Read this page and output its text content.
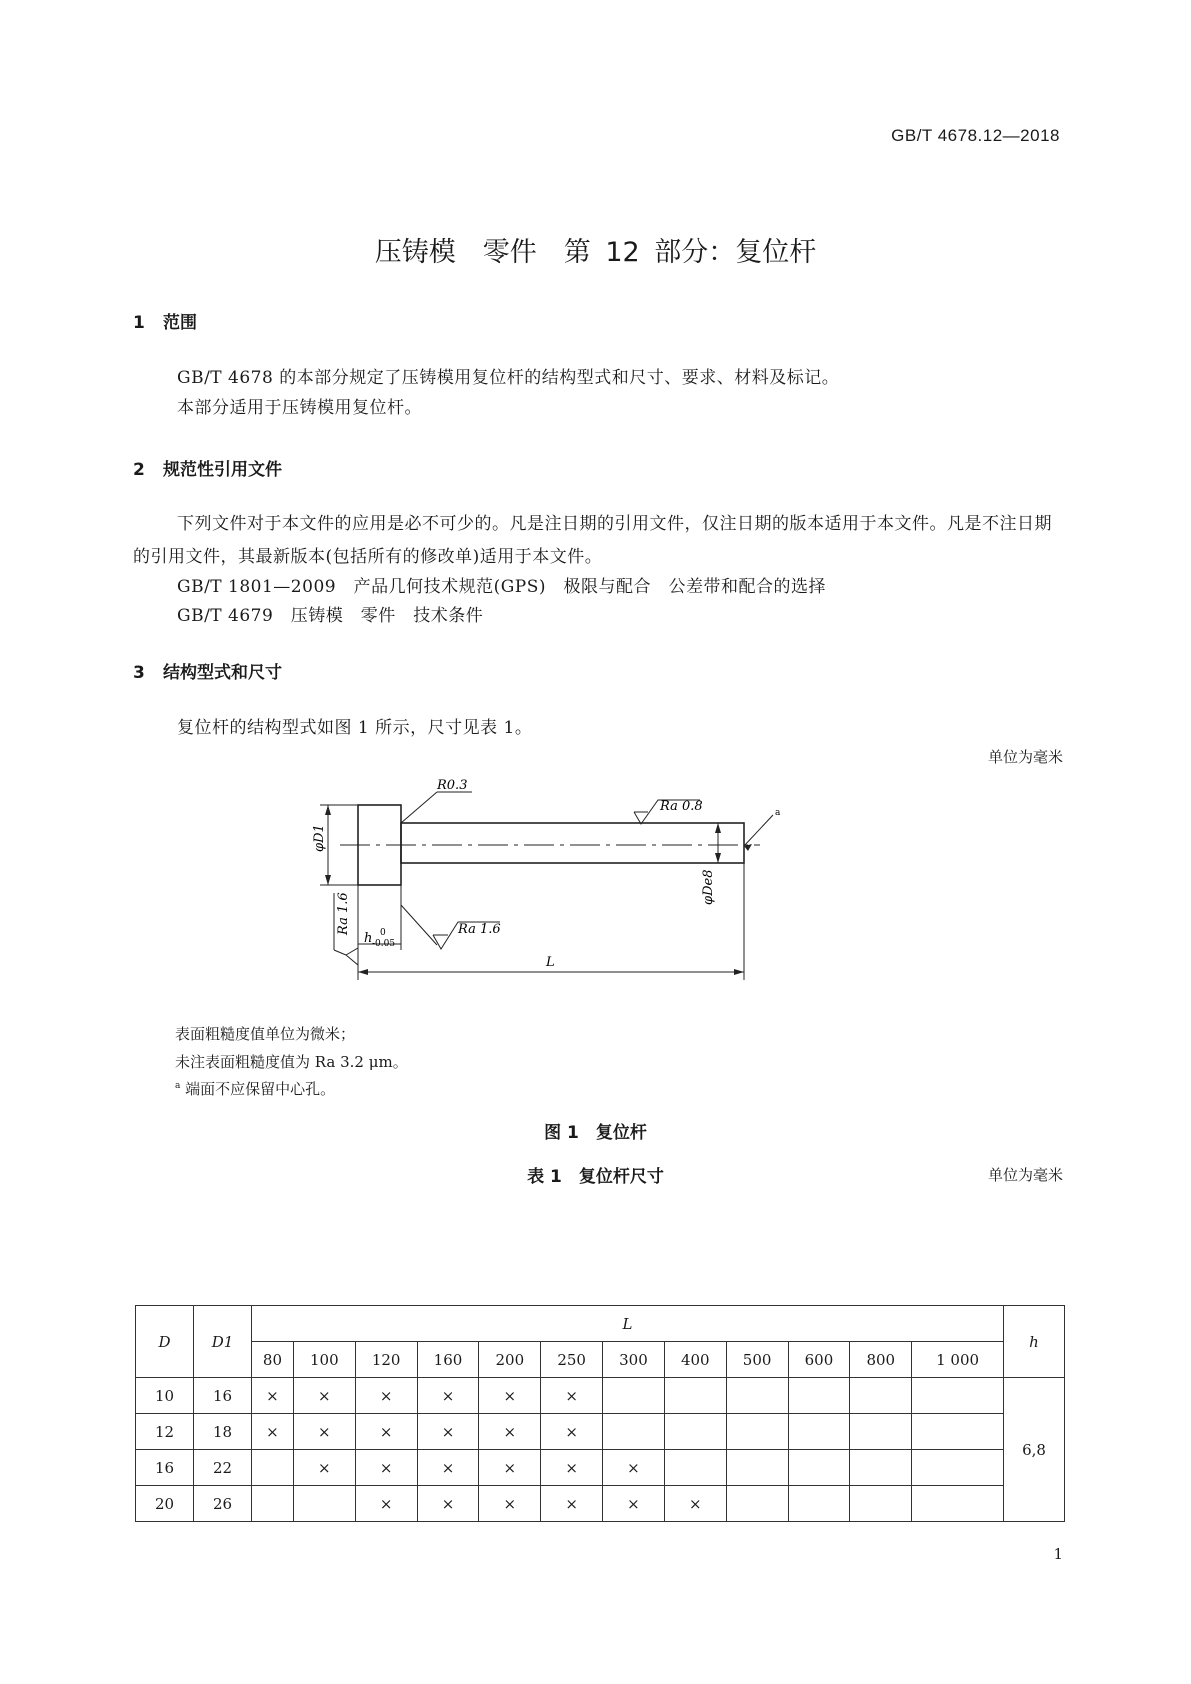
GB/T 4678.12—2018
压铸模　零件　第 12 部分：复位杆
1 范围
GB/T 4678 的本部分规定了压铸模用复位杆的结构型式和尺寸、要求、材料及标记。
本部分适用于压铸模用复位杆。
2 规范性引用文件
下列文件对于本文件的应用是必不可少的。凡是注日期的引用文件，仅注日期的版本适用于本文件。凡是不注日期的引用文件，其最新版本(包括所有的修改单)适用于本文件。
GB/T 1801—2009　产品几何技术规范(GPS)　极限与配合　公差带和配合的选择
GB/T 4679　压铸模　零件　技术条件
3 结构型式和尺寸
复位杆的结构型式如图 1 所示，尺寸见表 1。
单位为毫米
R0.3
Ra 0.8
Ra 1.6
Ra 1.6
φD1
φDe8
h 0
-0.05
L
a
表面粗糙度值单位为微米；
未注表面粗糙度值为 Ra 3.2 μm。
$^a$ 端面不应保留中心孔。
图 1　复位杆
表 1　复位杆尺寸	单位为毫米
D	D1	L												h
		80	100	120	160	200	250	300	400	500	600	800	1 000	
10	16	×	×	×	×	×	×							6,8
12	18	×	×	×	×	×	×							
16	22		×	×	×	×	×	×						
20	26			×	×	×	×	×	×					
1
